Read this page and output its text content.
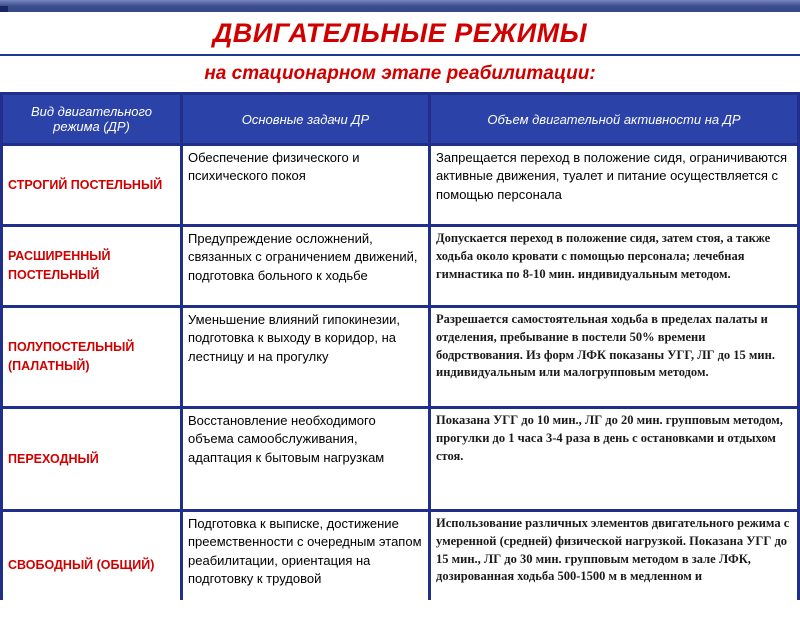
ДВИГАТЕЛЬНЫЕ РЕЖИМЫ
на стационарном этапе реабилитации:
Вид двигательного режима (ДР)	Основные задачи ДР	Объем двигательной активности на ДР
СТРОГИЙ ПОСТЕЛЬНЫЙ	Обеспечение физического и психического покоя	Запрещается переход в положение сидя, ограничиваются активные движения, туалет и питание осуществляется с помощью персонала
РАСШИРЕННЫЙ ПОСТЕЛЬНЫЙ	Предупреждение осложнений, связанных с ограничением движений, подготовка больного к ходьбе	Допускается переход в положение сидя, затем стоя, а также ходьба около кровати с помощью персонала; лечебная гимнастика по 8-10 мин. индивидуальным методом.
ПОЛУПОСТЕЛЬНЫЙ (ПАЛАТНЫЙ)	Уменьшение влияний гипокинезии, подготовка к выходу в коридор, на лестницу и на прогулку	Разрешается самостоятельная ходьба в пределах палаты и отделения, пребывание в постели 50% времени бодрствования. Из форм ЛФК показаны УГГ, ЛГ до 15 мин. индивидуальным или малогрупповым методом.
ПЕРЕХОДНЫЙ	Восстановление необходимого объема самообслуживания, адаптация к бытовым нагрузкам	Показана УГГ до 10 мин., ЛГ до 20 мин. групповым методом, прогулки до 1 часа 3-4 раза в день с остановками и отдыхом стоя.
СВОБОДНЫЙ (ОБЩИЙ)	Подготовка к выписке, достижение преемственности с очередным этапом реабилитации, ориентация на подготовку к трудовой	Использование различных элементов двигательного режима с умеренной (средней) физической нагрузкой. Показана УГГ до 15 мин., ЛГ до 30 мин. групповым методом в зале ЛФК, дозированная ходьба 500-1500 м в медленном и
